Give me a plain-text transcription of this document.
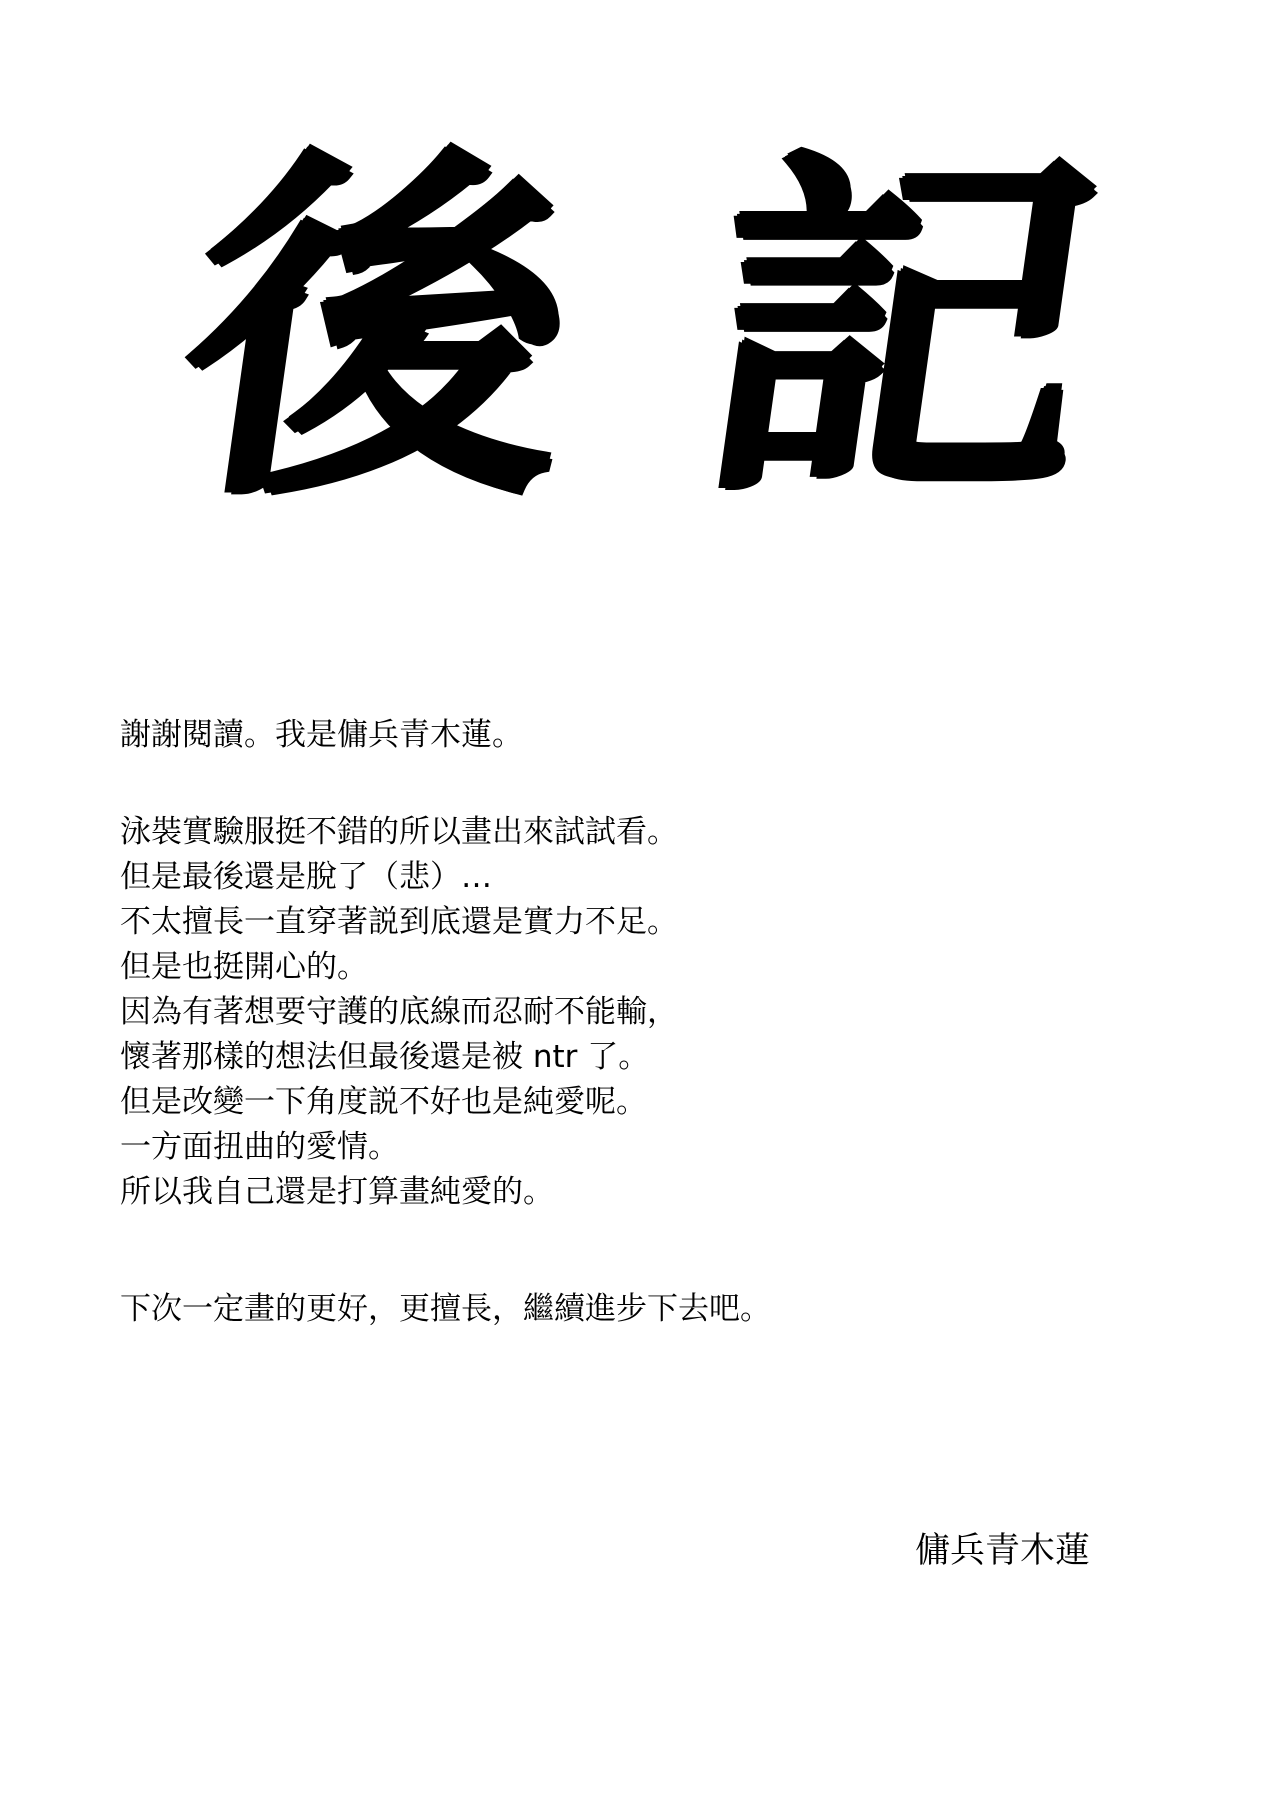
後 記
謝謝閱讀。我是傭兵青木蓮。
泳裝實驗服挺不錯的所以畫出來試試看。
但是最後還是脫了（悲）…
不太擅長一直穿著説到底還是實力不足。
但是也挺開心的。
因為有著想要守護的底線而忍耐不能輸，
懷著那樣的想法但最後還是被 ntr 了。
但是改變一下角度説不好也是純愛呢。
一方面扭曲的愛情。
所以我自己還是打算畫純愛的。
下次一定畫的更好，更擅長，繼續進步下去吧。
傭兵青木蓮
